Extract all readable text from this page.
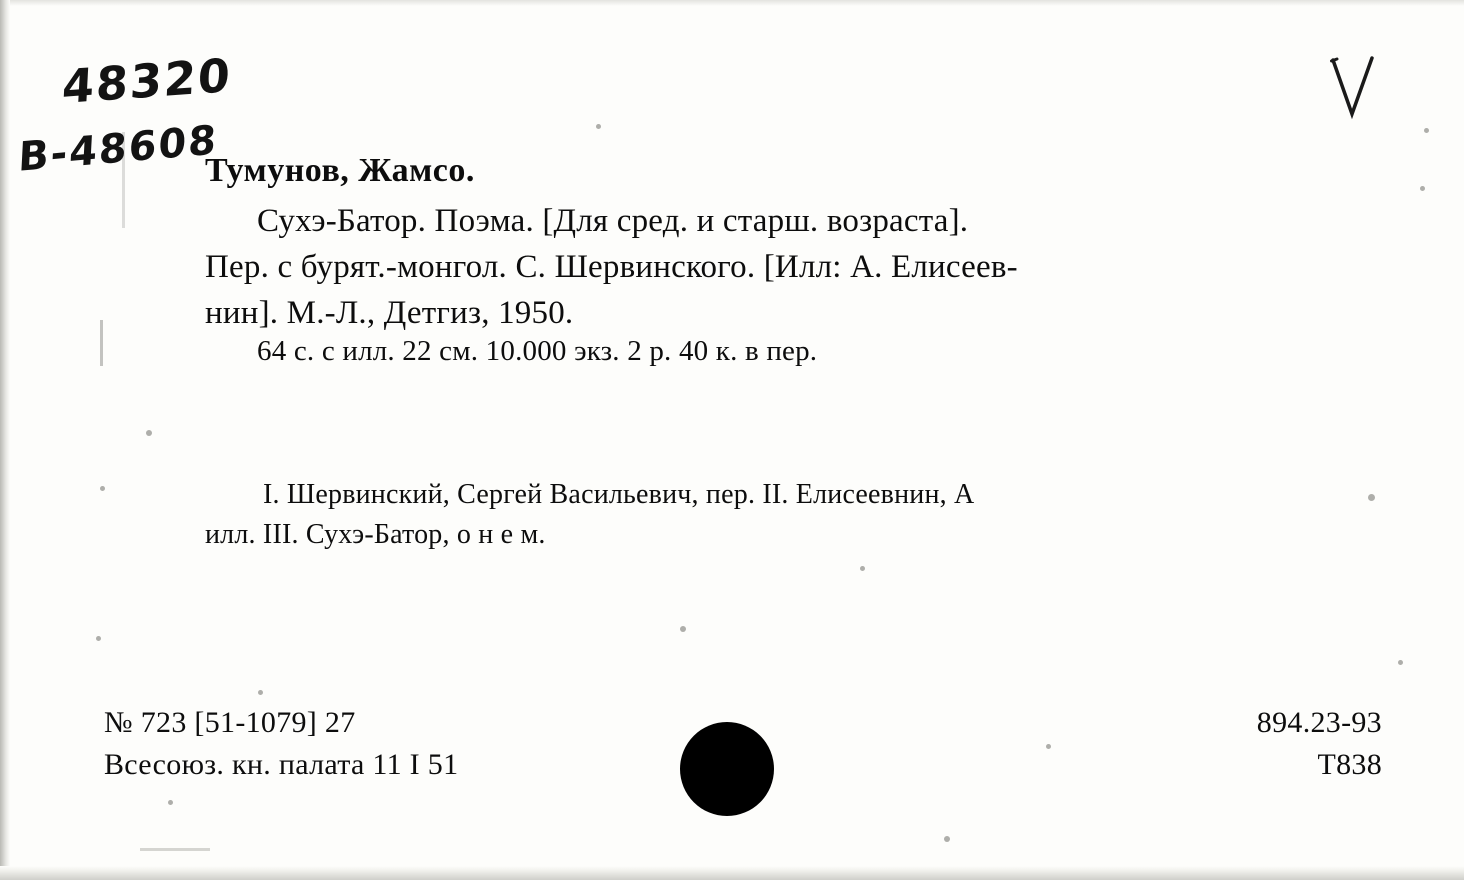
48320
В-48608
Тумунов, Жамсо.
Сухэ-Батор. Поэма. [Для сред. и старш. возраста].
Пер. с бурят.-монгол. С. Шервинского. [Илл: А. Елисеев-
нин]. М.-Л., Детгиз, 1950.
64 с. с илл. 22 см. 10.000 экз. 2 р. 40 к. в пер.
I. Шервинский, Сергей Васильевич, пер. II. Елисеевнин, А
илл. III. Сухэ-Батор, о н е м.
№ 723 [51-1079] 27
Всесоюз. кн. палата 11 I 51
894.23-93
Т838
